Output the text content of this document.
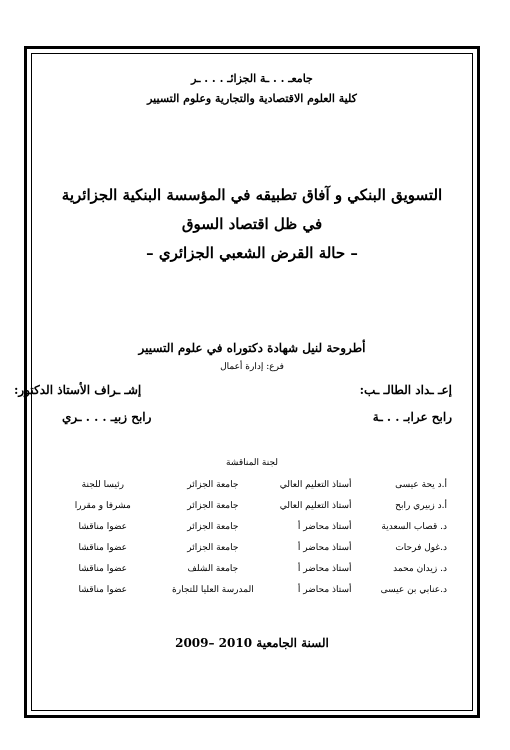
جامعـ . . ـة الجزائـ . . . ـر
كلية العلوم الاقتصادية والتجارية وعلوم التسيير
التسويق البنكي و آفاق تطبيقه في المؤسسة البنكية الجزائرية
في ظل اقتصاد السوق
– حالة القرض الشعبي الجزائري –
أطروحة لنيل شهادة دكتوراه في علوم التسيير
فرع: إدارة أعمال
إعـ ـداد الطالـ ـب:
إشـ ـراف الأستاذ الدكتور:
رابح عرابـ . . ـة
رابح زبيـ . . . ـري
لجنة المناقشة
أ.د يحة عيسى	أستاذ التعليم العالي	جامعة الجزائر	رئيسا للجنة
أ.د زبيري رابح	أستاذ التعليم العالي	جامعة الجزائر	مشرفا و مقررا
د. قصاب السعدية	أستاذ محاضر أ	جامعة الجزائر	عضوا مناقشا
د.غول فرحات	أستاذ محاضر أ	جامعة الجزائر	عضوا مناقشا
د. زيدان محمد	أستاذ محاضر أ	جامعة الشلف	عضوا مناقشا
د.عنابي بن عيسى	أستاذ محاضر أ	المدرسة العليا للتجارة	عضوا مناقشا
السنة الجامعية 2009– 2010
